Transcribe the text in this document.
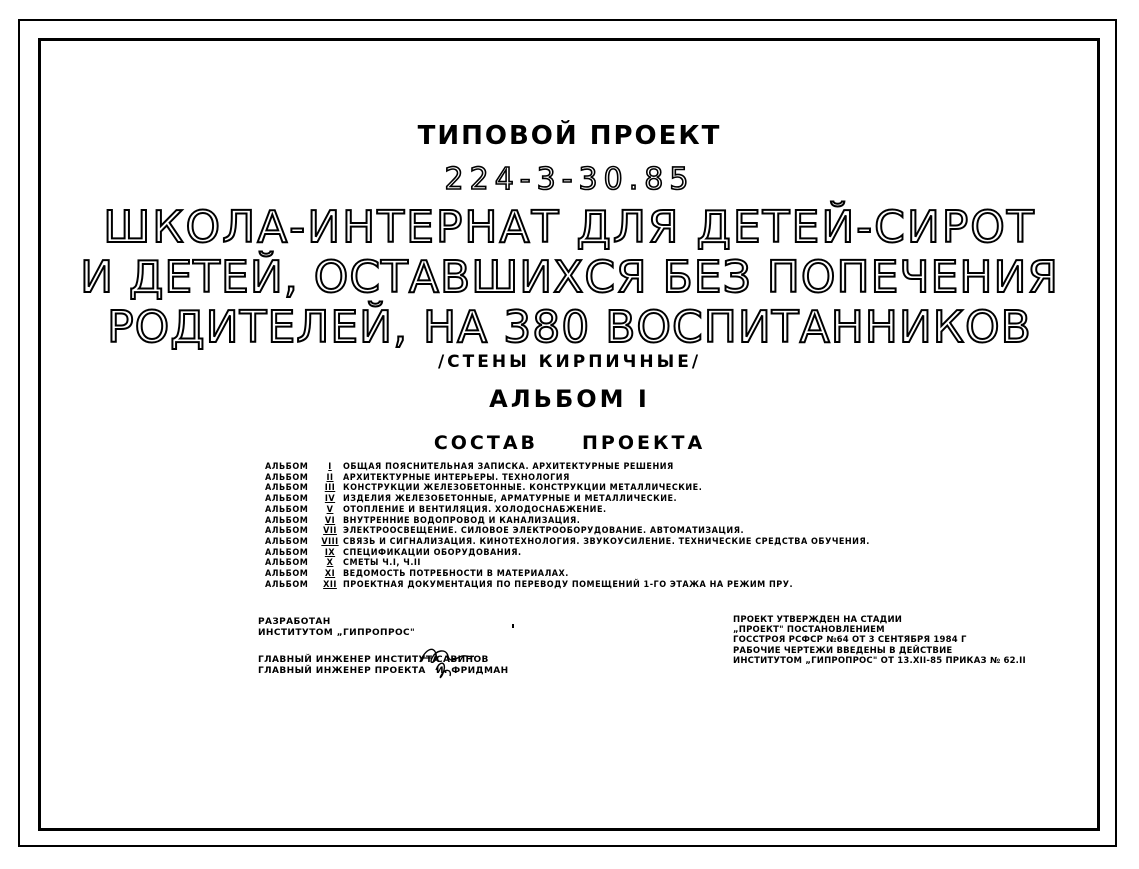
ТИПОВОЙ ПРОЕКТ
224-3-30.85
ШКОЛА-ИНТЕРНАТ ДЛЯ ДЕТЕЙ-СИРОТ
И ДЕТЕЙ, ОСТАВШИХСЯ БЕЗ ПОПЕЧЕНИЯ
РОДИТЕЛЕЙ, НА 380 ВОСПИТАННИКОВ
/СТЕНЫ КИРПИЧНЫЕ/
АЛЬБОМ I
СОСТАВ ПРОЕКТА
АЛЬБОМ	I	ОБЩАЯ ПОЯСНИТЕЛЬНАЯ ЗАПИСКА. АРХИТЕКТУРНЫЕ РЕШЕНИЯ
АЛЬБОМ	II	АРХИТЕКТУРНЫЕ ИНТЕРЬЕРЫ. ТЕХНОЛОГИЯ
АЛЬБОМ	III КОНСТРУКЦИИ ЖЕЛЕЗОБЕТОННЫЕ. КОНСТРУКЦИИ МЕТАЛЛИЧЕСКИЕ.
АЛЬБОМ	IV ИЗДЕЛИЯ ЖЕЛЕЗОБЕТОННЫЕ, АРМАТУРНЫЕ И МЕТАЛЛИЧЕСКИЕ.
АЛЬБОМ	V	ОТОПЛЕНИЕ И ВЕНТИЛЯЦИЯ. ХОЛОДОСНАБЖЕНИЕ.
АЛЬБОМ	VI ВНУТРЕННИЕ ВОДОПРОВОД И КАНАЛИЗАЦИЯ.
АЛЬБОМ	VII ЭЛЕКТРООСВЕЩЕНИЕ. СИЛОВОЕ ЭЛЕКТРООБОРУДОВАНИЕ. АВТОМАТИЗАЦИЯ.
АЛЬБОМ	VIII СВЯЗЬ И СИГНАЛИЗАЦИЯ. КИНОТЕХНОЛОГИЯ. ЗВУКОУСИЛЕНИЕ. ТЕХНИЧЕСКИЕ СРЕДСТВА ОБУЧЕНИЯ.
АЛЬБОМ	IX СПЕЦИФИКАЦИИ ОБОРУДОВАНИЯ.
АЛЬБОМ	X	СМЕТЫ Ч.I, Ч.II
АЛЬБОМ	XI ВЕДОМОСТЬ ПОТРЕБНОСТИ В МАТЕРИАЛАХ.
АЛЬБОМ	XII ПРОЕКТНАЯ ДОКУМЕНТАЦИЯ ПО ПЕРЕВОДУ ПОМЕЩЕНИЙ 1-ГО ЭТАЖА НА РЕЖИМ ПРУ.
РАЗРАБОТАН
ИНСТИТУТОМ „ГИПРОПРОС"
ГЛАВНЫЙ ИНЖЕНЕР ИНСТИТУТА
САВИНОВ
ГЛАВНЫЙ ИНЖЕНЕР ПРОЕКТА И. ФРИДМАН
ПРОЕКТ УТВЕРЖДЕН НА СТАДИИ
„ПРОЕКТ" ПОСТАНОВЛЕНИЕМ
ГОССТРОЯ РСФСР №64 ОТ 3 СЕНТЯБРЯ 1984 Г
РАБОЧИЕ ЧЕРТЕЖИ ВВЕДЕНЫ В ДЕЙСТВИЕ
ИНСТИТУТОМ „ГИПРОПРОС" ОТ 13.XII-85 ПРИКАЗ № 62.II
